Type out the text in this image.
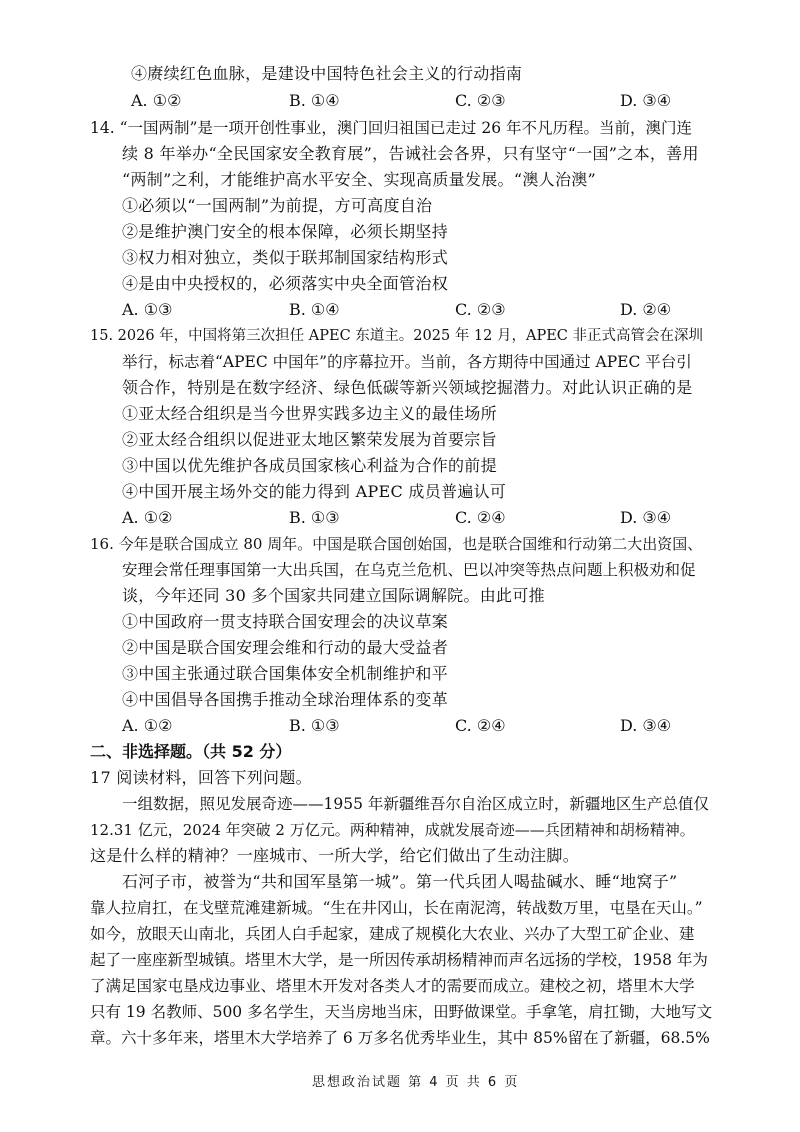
④赓续红色血脉，是建设中国特色社会主义的行动指南
A. ①②	B. ①④	C. ②③	D. ③④
14. “一国两制”是一项开创性事业，澳门回归祖国已走过 26 年不凡历程。当前，澳门连
续 8 年举办“全民国家安全教育展”，告诫社会各界，只有坚守“一国”之本，善用
“两制”之利，才能维护高水平安全、实现高质量发展。“澳人治澳”
①必须以“一国两制”为前提，方可高度自治
②是维护澳门安全的根本保障，必须长期坚持
③权力相对独立，类似于联邦制国家结构形式
④是由中央授权的，必须落实中央全面管治权
A. ①③	B. ①④	C. ②③	D. ②④
15. 2026 年，中国将第三次担任 APEC 东道主。2025 年 12 月，APEC 非正式高管会在深圳
举行，标志着“APEC 中国年”的序幕拉开。当前，各方期待中国通过 APEC 平台引
领合作，特别是在数字经济、绿色低碳等新兴领域挖掘潜力。对此认识正确的是
①亚太经合组织是当今世界实践多边主义的最佳场所
②亚太经合组织以促进亚太地区繁荣发展为首要宗旨
③中国以优先维护各成员国家核心利益为合作的前提
④中国开展主场外交的能力得到 APEC 成员普遍认可
A. ①②	B. ①③	C. ②④	D. ③④
16. 今年是联合国成立 80 周年。中国是联合国创始国，也是联合国维和行动第二大出资国、
安理会常任理事国第一大出兵国，在乌克兰危机、巴以冲突等热点问题上积极劝和促
谈，今年还同 30 多个国家共同建立国际调解院。由此可推
①中国政府一贯支持联合国安理会的决议草案
②中国是联合国安理会维和行动的最大受益者
③中国主张通过联合国集体安全机制维护和平
④中国倡导各国携手推动全球治理体系的变革
A. ①②	B. ①③	C. ②④	D. ③④
二、非选择题。（共 52 分）
17 阅读材料，回答下列问题。
一组数据，照见发展奇迹——1955 年新疆维吾尔自治区成立时，新疆地区生产总值仅
12.31 亿元，2024 年突破 2 万亿元。两种精神，成就发展奇迹——兵团精神和胡杨精神。
这是什么样的精神？一座城市、一所大学，给它们做出了生动注脚。
石河子市，被誉为“共和国军垦第一城”。第一代兵团人喝盐碱水、睡“地窝子”
靠人拉肩扛，在戈壁荒滩建新城。“生在井冈山，长在南泥湾，转战数万里，屯垦在天山。”
如今，放眼天山南北，兵团人白手起家，建成了规模化大农业、兴办了大型工矿企业、建
起了一座座新型城镇。塔里木大学，是一所因传承胡杨精神而声名远扬的学校，1958 年为
了满足国家屯垦戍边事业、塔里木开发对各类人才的需要而成立。建校之初，塔里木大学
只有 19 名教师、500 多名学生，天当房地当床，田野做课堂。手拿笔，肩扛锄，大地写文
章。六十多年来，塔里木大学培养了 6 万多名优秀毕业生，其中 85%留在了新疆，68.5%
思想政治试题 第 4 页 共 6 页
